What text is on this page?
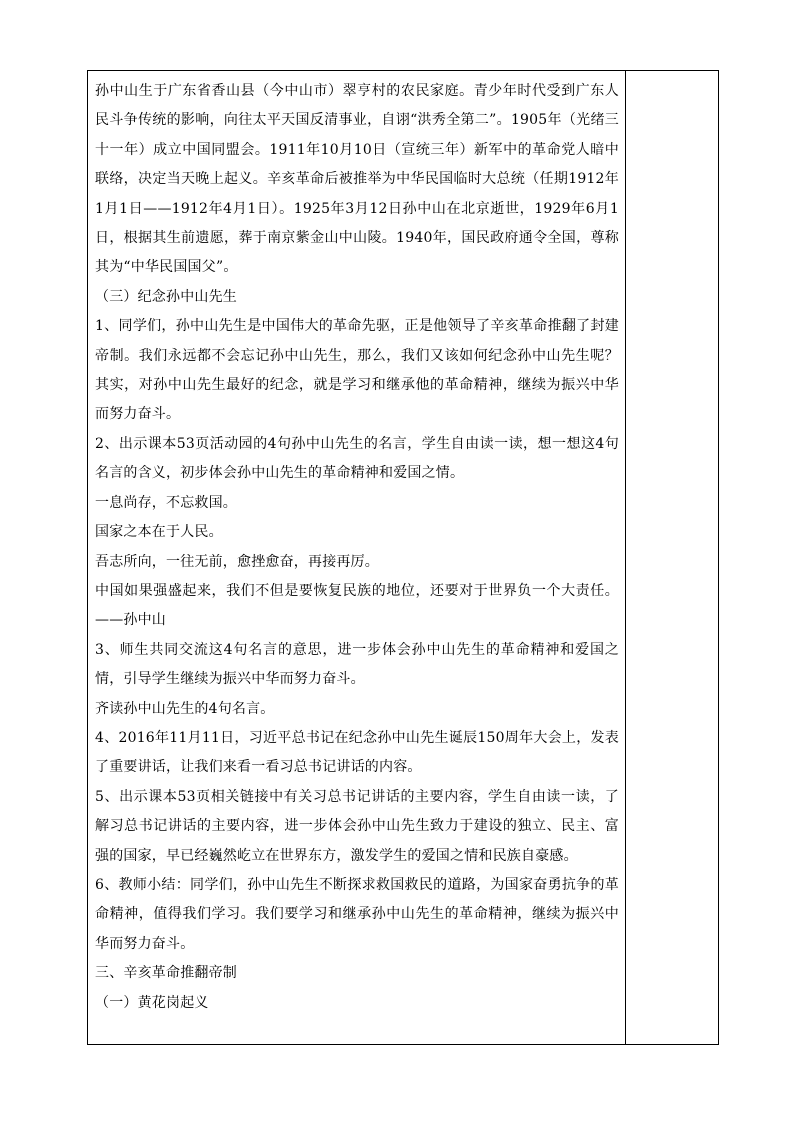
孙中山生于广东省香山县（今中山市）翠亨村的农民家庭。青少年时代受到广东人民斗争传统的影响，向往太平天国反清事业，自诩“洪秀全第二”。1905年（光绪三十一年）成立中国同盟会。1911年10月10日（宣统三年）新军中的革命党人暗中联络，决定当天晚上起义。辛亥革命后被推举为中华民国临时大总统（任期1912年1月1日——1912年4月1日）。1925年3月12日孙中山在北京逝世，1929年6月1日，根据其生前遗愿，葬于南京紫金山中山陵。1940年，国民政府通令全国，尊称其为“中华民国国父”。

（三）纪念孙中山先生

1、同学们，孙中山先生是中国伟大的革命先驱，正是他领导了辛亥革命推翻了封建帝制。我们永远都不会忘记孙中山先生，那么，我们又该如何纪念孙中山先生呢？其实，对孙中山先生最好的纪念，就是学习和继承他的革命精神，继续为振兴中华而努力奋斗。

2、出示课本53页活动园的4句孙中山先生的名言，学生自由读一读，想一想这4句名言的含义，初步体会孙中山先生的革命精神和爱国之情。

一息尚存，不忘救国。

国家之本在于人民。

吾志所向，一往无前，愈挫愈奋，再接再厉。

中国如果强盛起来，我们不但是要恢复民族的地位，还要对于世界负一个大责任。——孙中山

3、师生共同交流这4句名言的意思，进一步体会孙中山先生的革命精神和爱国之情，引导学生继续为振兴中华而努力奋斗。

齐读孙中山先生的4句名言。

4、2016年11月11日，习近平总书记在纪念孙中山先生诞辰150周年大会上，发表了重要讲话，让我们来看一看习总书记讲话的内容。

5、出示课本53页相关链接中有关习总书记讲话的主要内容，学生自由读一读，了解习总书记讲话的主要内容，进一步体会孙中山先生致力于建设的独立、民主、富强的国家，早已经巍然屹立在世界东方，激发学生的爱国之情和民族自豪感。

6、教师小结：同学们，孙中山先生不断探求救国救民的道路，为国家奋勇抗争的革命精神，值得我们学习。我们要学习和继承孙中山先生的革命精神，继续为振兴中华而努力奋斗。

三、辛亥革命推翻帝制

（一）黄花岗起义
